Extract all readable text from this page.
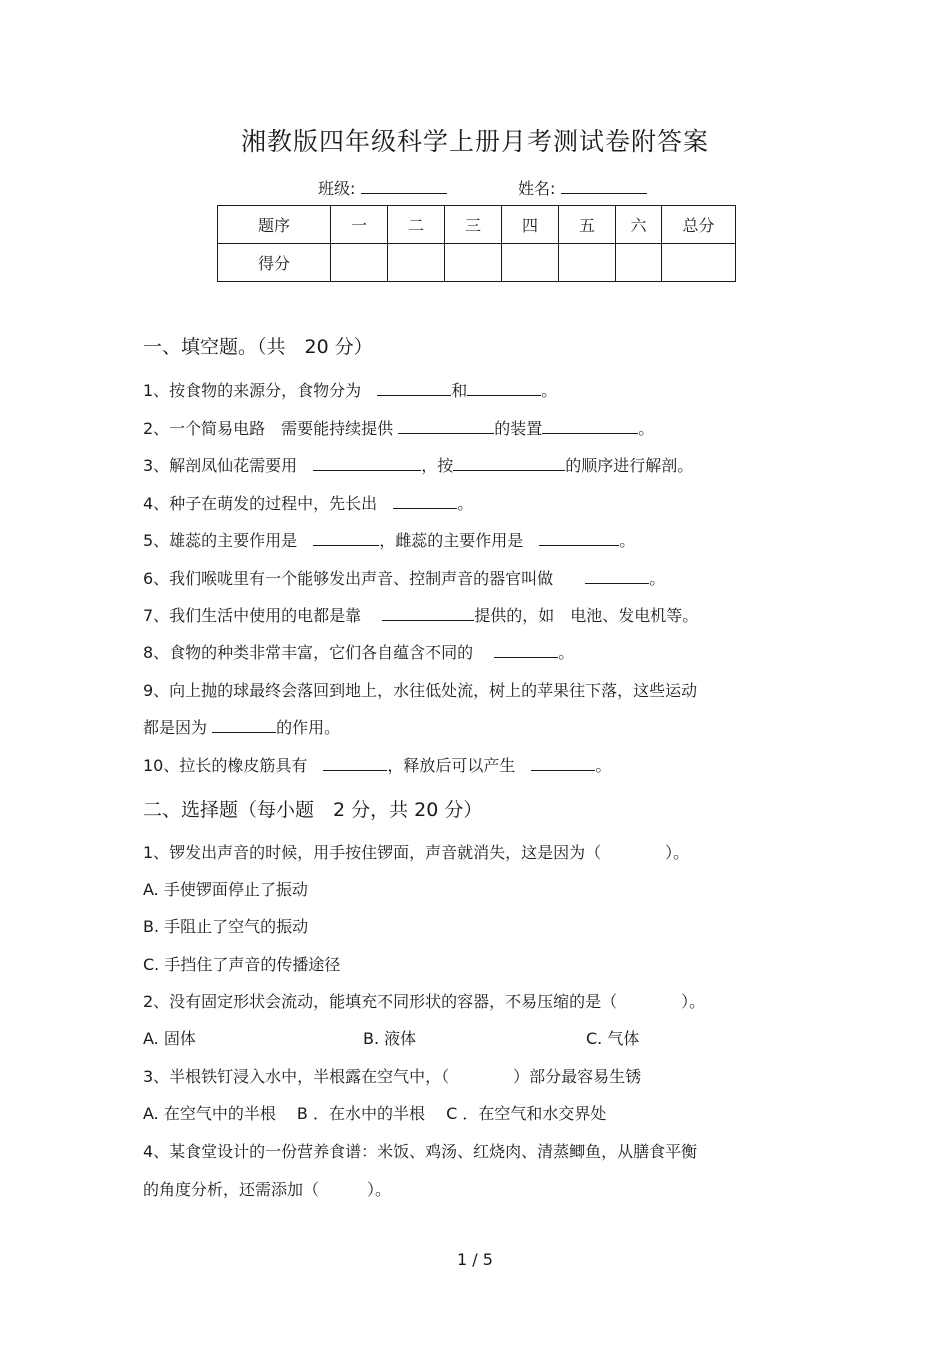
湘教版四年级科学上册月考测试卷附答案
班级:	姓名:
题序	一	二	三	四	五	六	总分
得分							
一、填空题。（共　20 分）
1、按食物的来源分，食物分为　	和	。
2、一个简易电路　需要能持续提供	的装置	。
3、解剖凤仙花需要用　	，按	的顺序进行解剖。
4、种子在萌发的过程中，先长出　	。
5、雄蕊的主要作用是　	，雌蕊的主要作用是　	。
6、我们喉咙里有一个能够发出声音、控制声音的器官叫做　　	。
7、我们生活中使用的电都是靠　	提供的，如　电池、发电机等。
8、食物的种类非常丰富，它们各自蕴含不同的　	。
9、向上抛的球最终会落回到地上，水往低处流，树上的苹果往下落，这些运动
都是因为	的作用。
10、拉长的橡皮筋具有　	，释放后可以产生　	。
二、选择题（每小题　2 分，共 20 分）
1、锣发出声音的时候，用手按住锣面，声音就消失，这是因为（　　　　）。
A. 手使锣面停止了振动
B. 手阻止了空气的振动
C. 手挡住了声音的传播途径
2、没有固定形状会流动，能填充不同形状的容器，不易压缩的是（　　　　）。
A. 固体	B. 液体	C. 气体
3、半根铁钉浸入水中，半根露在空气中，（　　　　）部分最容易生锈
A. 在空气中的半根　 B ．在水中的半根　 C ．在空气和水交界处
4、某食堂设计的一份营养食谱：米饭、鸡汤、红烧肉、清蒸鲫鱼，从膳食平衡
的角度分析，还需添加（　　　）。
1 / 5
